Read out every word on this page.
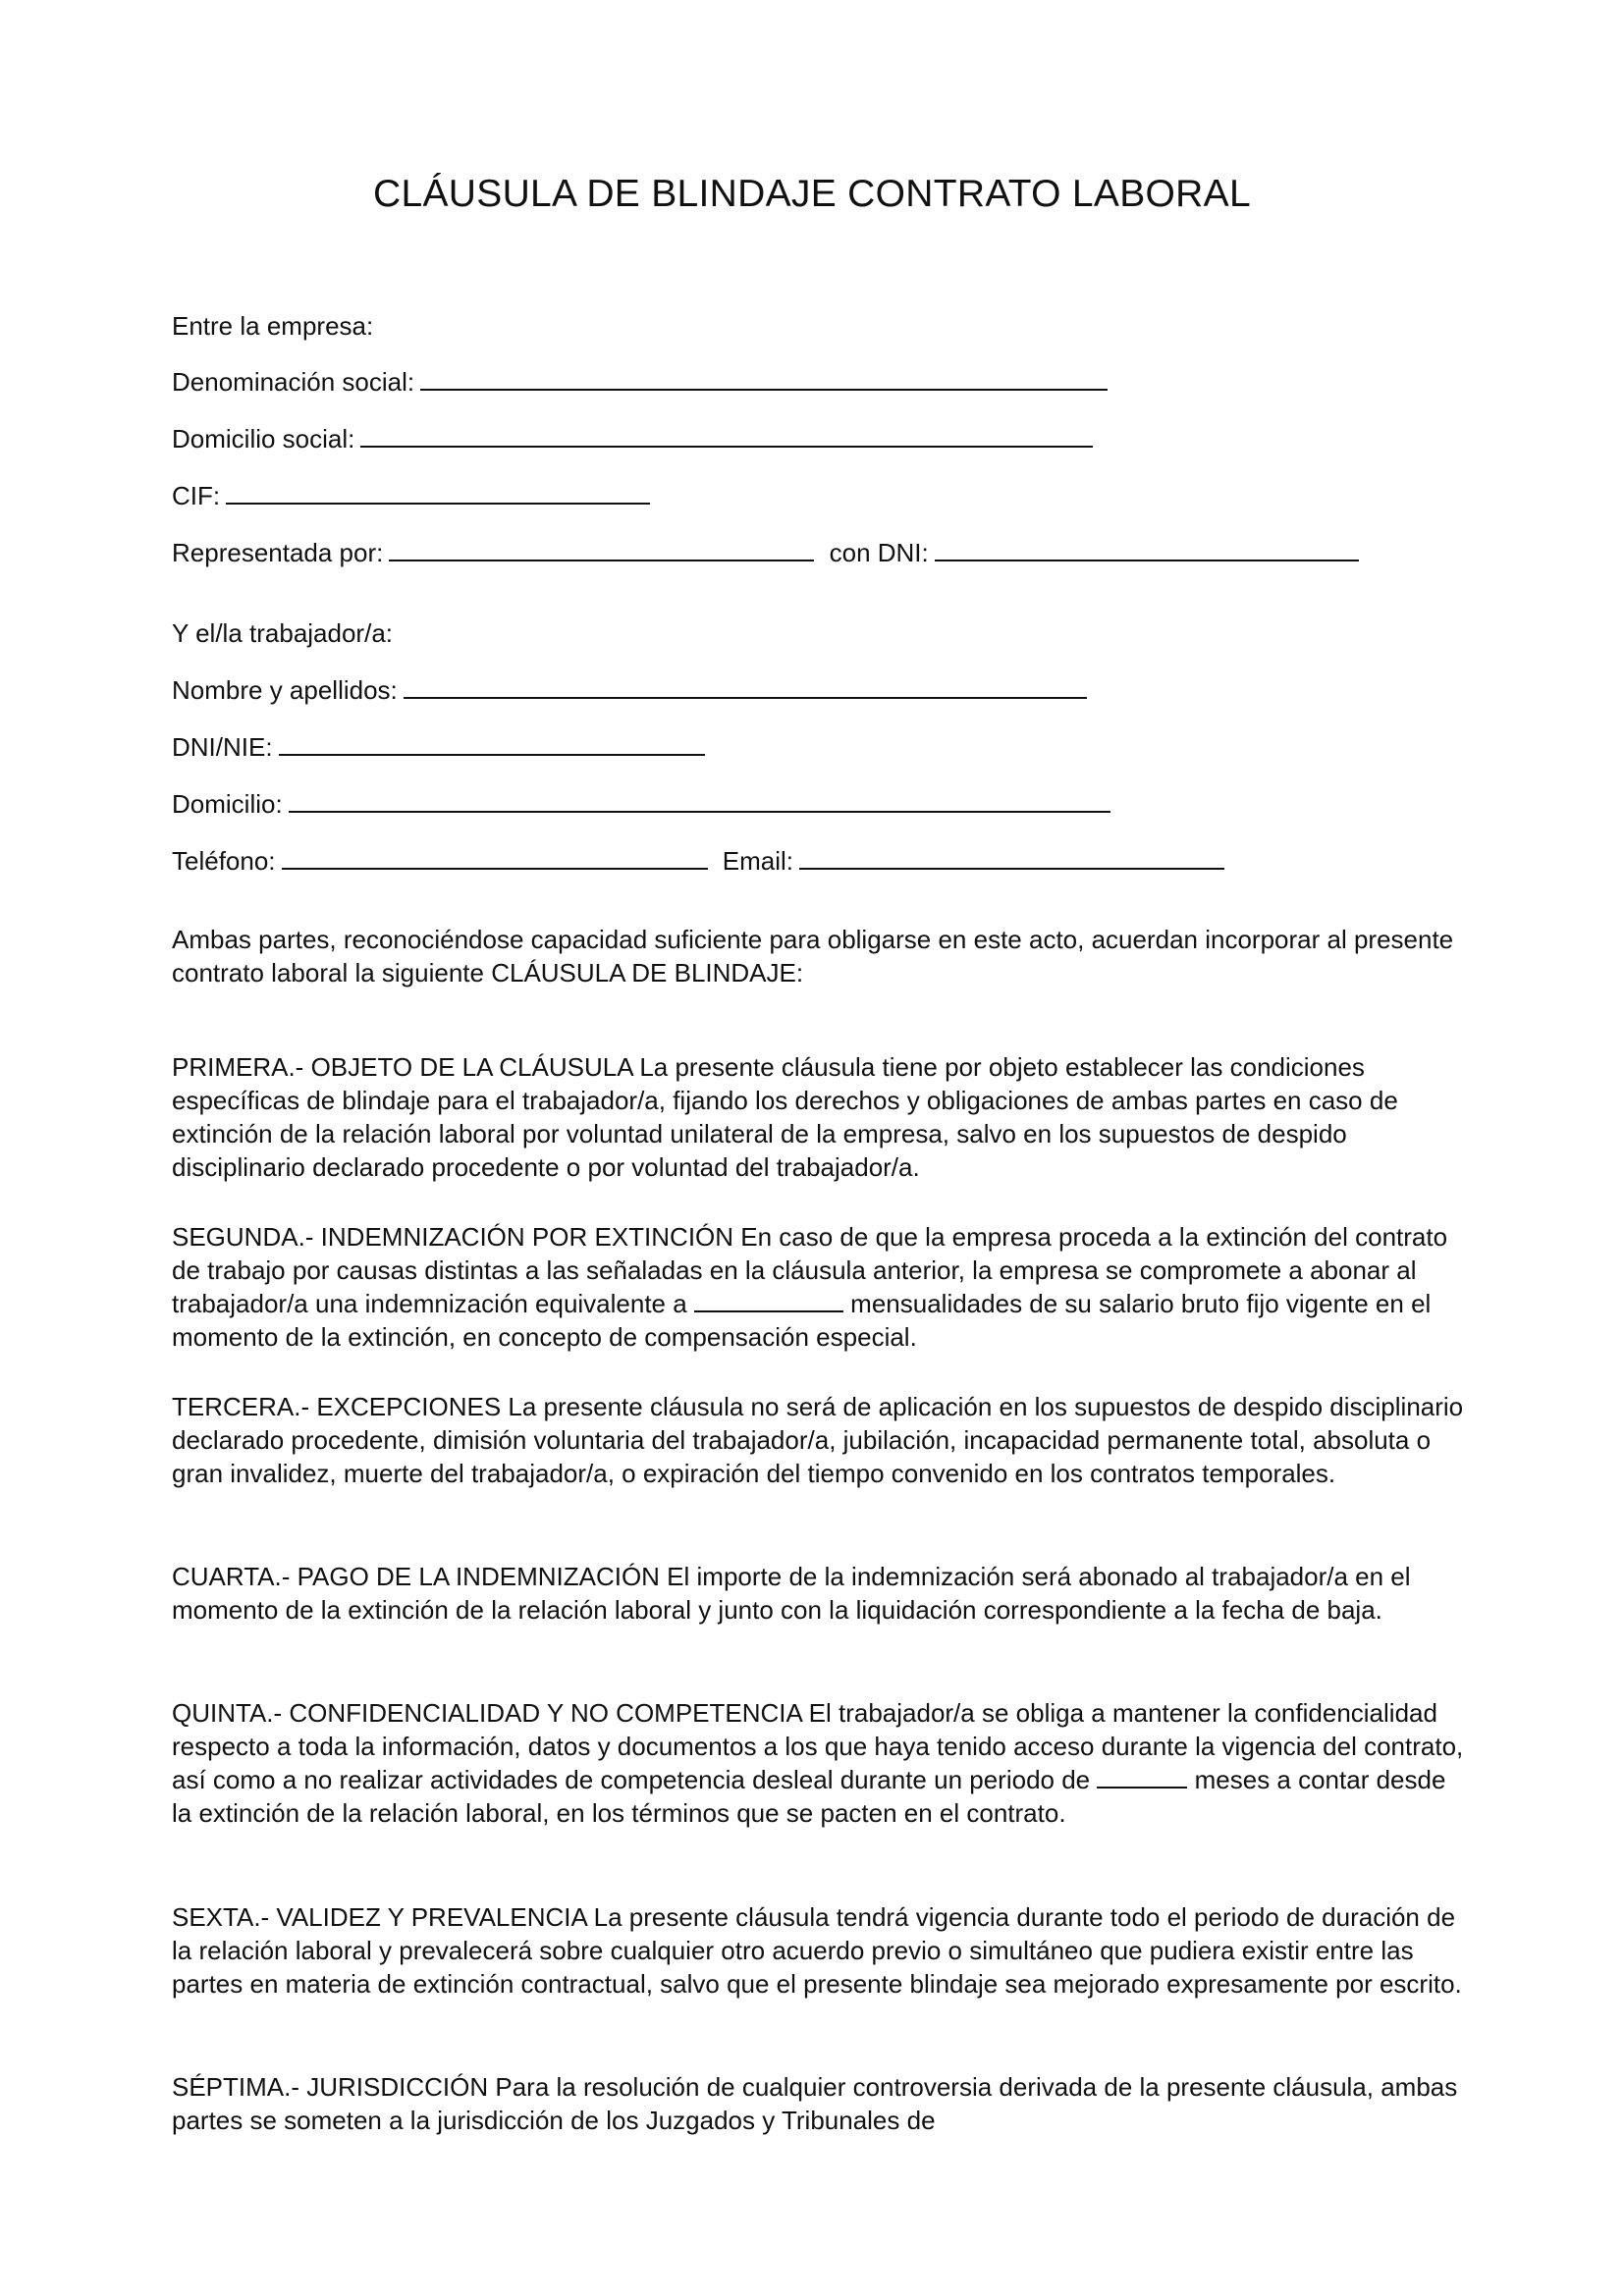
CLÁUSULA DE BLINDAJE CONTRATO LABORAL
Entre la empresa:
Denominación social:
Domicilio social:
CIF:
Representada por:	con DNI:
Y el/la trabajador/a:
Nombre y apellidos:
DNI/NIE:
Domicilio:
Teléfono:	Email:

Ambas partes, reconociéndose capacidad suficiente para obligarse en este acto, acuerdan incorporar al presente contrato laboral la siguiente CLÁUSULA DE BLINDAJE:

PRIMERA.- OBJETO DE LA CLÁUSULA La presente cláusula tiene por objeto establecer las condiciones específicas de blindaje para el trabajador/a, fijando los derechos y obligaciones de ambas partes en caso de extinción de la relación laboral por voluntad unilateral de la empresa, salvo en los supuestos de despido disciplinario declarado procedente o por voluntad del trabajador/a.

SEGUNDA.- INDEMNIZACIÓN POR EXTINCIÓN En caso de que la empresa proceda a la extinción del contrato de trabajo por causas distintas a las señaladas en la cláusula anterior, la empresa se compromete a abonar al trabajador/a una indemnización equivalente a	mensualidades de su salario bruto fijo vigente en el momento de la extinción, en concepto de compensación especial.

TERCERA.- EXCEPCIONES La presente cláusula no será de aplicación en los supuestos de despido disciplinario declarado procedente, dimisión voluntaria del trabajador/a, jubilación, incapacidad permanente total, absoluta o gran invalidez, muerte del trabajador/a, o expiración del tiempo convenido en los contratos temporales.

CUARTA.- PAGO DE LA INDEMNIZACIÓN El importe de la indemnización será abonado al trabajador/a en el momento de la extinción de la relación laboral y junto con la liquidación correspondiente a la fecha de baja.

QUINTA.- CONFIDENCIALIDAD Y NO COMPETENCIA El trabajador/a se obliga a mantener la confidencialidad respecto a toda la información, datos y documentos a los que haya tenido acceso durante la vigencia del contrato, así como a no realizar actividades de competencia desleal durante un periodo de	meses a contar desde la extinción de la relación laboral, en los términos que se pacten en el contrato.

SEXTA.- VALIDEZ Y PREVALENCIA La presente cláusula tendrá vigencia durante todo el periodo de duración de la relación laboral y prevalecerá sobre cualquier otro acuerdo previo o simultáneo que pudiera existir entre las partes en materia de extinción contractual, salvo que el presente blindaje sea mejorado expresamente por escrito.

SÉPTIMA.- JURISDICCIÓN Para la resolución de cualquier controversia derivada de la presente cláusula, ambas partes se someten a la jurisdicción de los Juzgados y Tribunales de
